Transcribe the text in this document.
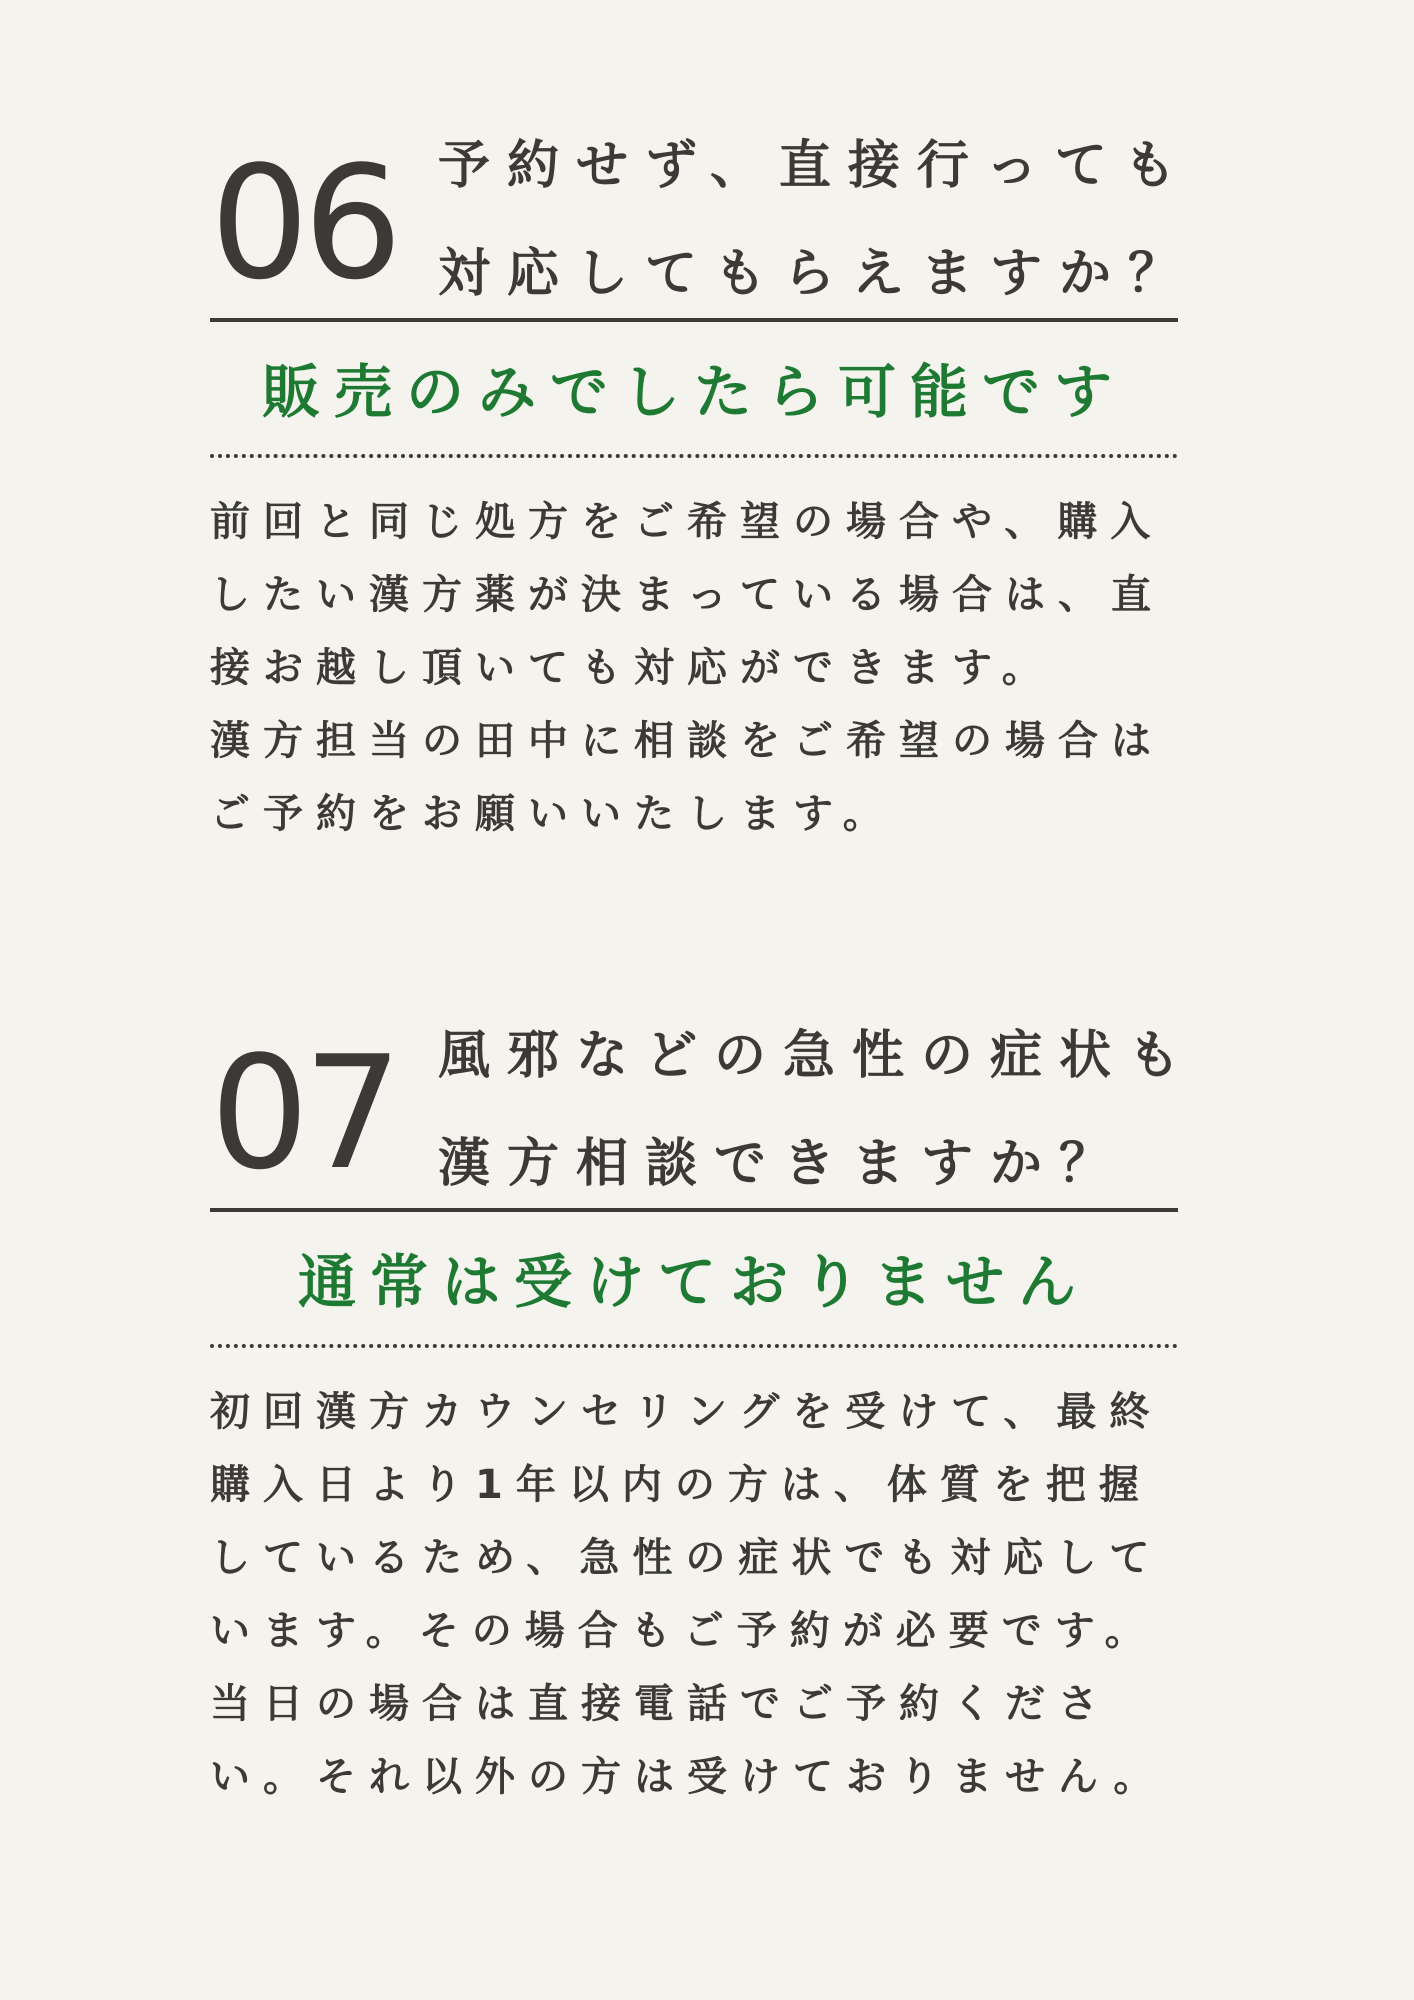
06 予約せず、直接行っても
対応してもらえますか？
販売のみでしたら可能です
前回と同じ処方をご希望の場合や、購入
したい漢方薬が決まっている場合は、直
接お越し頂いても対応ができます。
漢方担当の田中に相談をご希望の場合は
ご予約をお願いいたします。
07 風邪などの急性の症状も
漢方相談できますか？
通常は受けておりません
初回漢方カウンセリングを受けて、最終
購入日より1年以内の方は、体質を把握
しているため、急性の症状でも対応して
います。その場合もご予約が必要です。
当日の場合は直接電話でご予約くださ
い。それ以外の方は受けておりません。
